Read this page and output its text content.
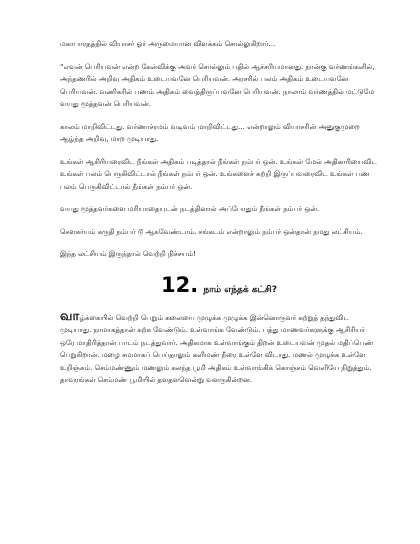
மகாபாரதத்தில் வியாசர் ஓர் அருமையான விளக்கம் சொல்லுகிறார்…

“எவன் பெரியவன் என்ற கேள்விக்கு அவர் சொல்லும் பதில் ஆச்சரியமானது. நான்கு வர்ணங்களில், அந்தணரில் அறிவு அதிகம் உடையவனே பெரியவன். அரசரில் பலம் அதிகம் உடையவனே பெரியவன். வணிகரில் பணம் அதிகம் வைத்திருப்பவனே பெரியவன். நாலாம் வர்ணத்தில் மட்டுமே வயது மூத்தவன் பெரியவன்.

காலம் மாறிவிட்டது. வர்ணாச்ரமம் வடிவம் மாறிவிட்டது… என்றாலும் வியாசரின் அனுகுமுறை ஆழ்ந்த அறிவு, மாற முடியாது.

உங்கள் ஆசிரியரைவிட நீங்கள் அதிகம் படித்தால் நீங்கள் நம்பர் ஒன். உங்கள் மேல் அதிகாரியைவிட உங்கள் பலம் பெருகிவிட்டால் நீங்கள் நம்பர் ஒன். உங்களைச் சுற்றி இருப்பவரைவிட உங்கள் பண பலம் பெருகிவிட்டால் நீங்கள் நம்பர் ஒன்.

வயது மூத்தவர்களை மரியாதையுடன் நடத்தினால் அப்போதும் நீங்கள் நம்பர் ஒன்.

சௌகர்யம் கருதி நம்பர் டூ ஆகவேண்டாம். சங்கடம் என்றாலும் நம்பர் ஒன்தான் நமது லட்சியம்.

இந்த லட்சியம் இருந்தால் வெற்றி நிச்சயம்!

12. நாம் எந்தக் கட்சி?

வாழ்க்கையில் வெற்றி பெறும் கலையை முழுக்க முழுக்க இன்னொருவர் கற்றுத் தந்துவிட முடியாது. நாமாகத்தான் கற்க வேண்டும். உள்வாங்க வேண்டும். பத்து மாணவர்களுக்கு ஆசிரியர் ஒரே மாதிரித்தான் பாடம் நடத்துவார். அதிகமாக உள்வாங்கும் திறன் உடையவன் முதல் மதிப்பெண் பெறுகிறான். மழை சமமாகப் பெய்தாலும் களிமண் நீரை உள்ளே விடாது. மணல் முழுக்க உள்ளே உறிஞ்சும். செம்மண்ணும் மணலும் கலந்த பூமி அதிகம் உள்வாங்கிக் கொஞ்சம் வெளியே நிறுத்தும். தாவரங்கள் செம்மண் பூமியில் தளதளவென்று வளருகின்றன.
